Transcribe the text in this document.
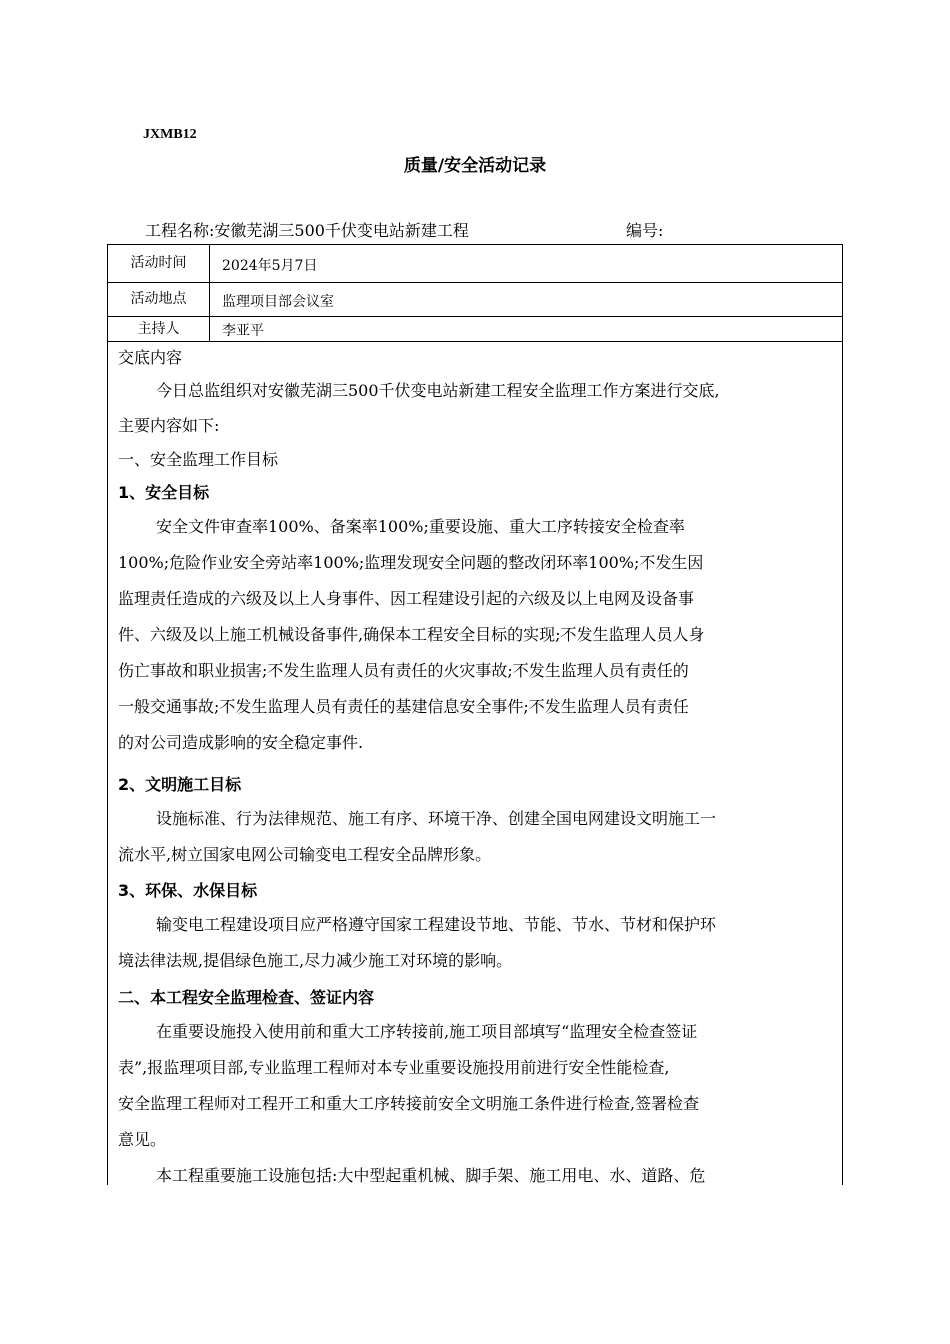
JXMB12
质量/安全活动记录
工程名称:安徽芜湖三500千伏变电站新建工程	编号:
活动时间	2024年5月7日
活动地点	监理项目部会议室
主持人	李亚平
交底内容
今日总监组织对安徽芜湖三500千伏变电站新建工程安全监理工作方案进行交底,
主要内容如下:
一、安全监理工作目标
1、安全目标
安全文件审查率100%、备案率100%;重要设施、重大工序转接安全检查率
100%;危险作业安全旁站率100%;监理发现安全问题的整改闭环率100%;不发生因
监理责任造成的六级及以上人身事件、因工程建设引起的六级及以上电网及设备事
件、六级及以上施工机械设备事件,确保本工程安全目标的实现;不发生监理人员人身
伤亡事故和职业损害;不发生监理人员有责任的火灾事故;不发生监理人员有责任的
一般交通事故;不发生监理人员有责任的基建信息安全事件;不发生监理人员有责任
的对公司造成影响的安全稳定事件.
2、文明施工目标
设施标准、行为法律规范、施工有序、环境干净、创建全国电网建设文明施工一
流水平,树立国家电网公司输变电工程安全品牌形象。
3、环保、水保目标
输变电工程建设项目应严格遵守国家工程建设节地、节能、节水、节材和保护环
境法律法规,提倡绿色施工,尽力减少施工对环境的影响。
二、本工程安全监理检查、签证内容
在重要设施投入使用前和重大工序转接前,施工项目部填写“监理安全检查签证
表”,报监理项目部,专业监理工程师对本专业重要设施投用前进行安全性能检查,
安全监理工程师对工程开工和重大工序转接前安全文明施工条件进行检查,签署检查
意见。
本工程重要施工设施包括:大中型起重机械、脚手架、施工用电、水、道路、危
